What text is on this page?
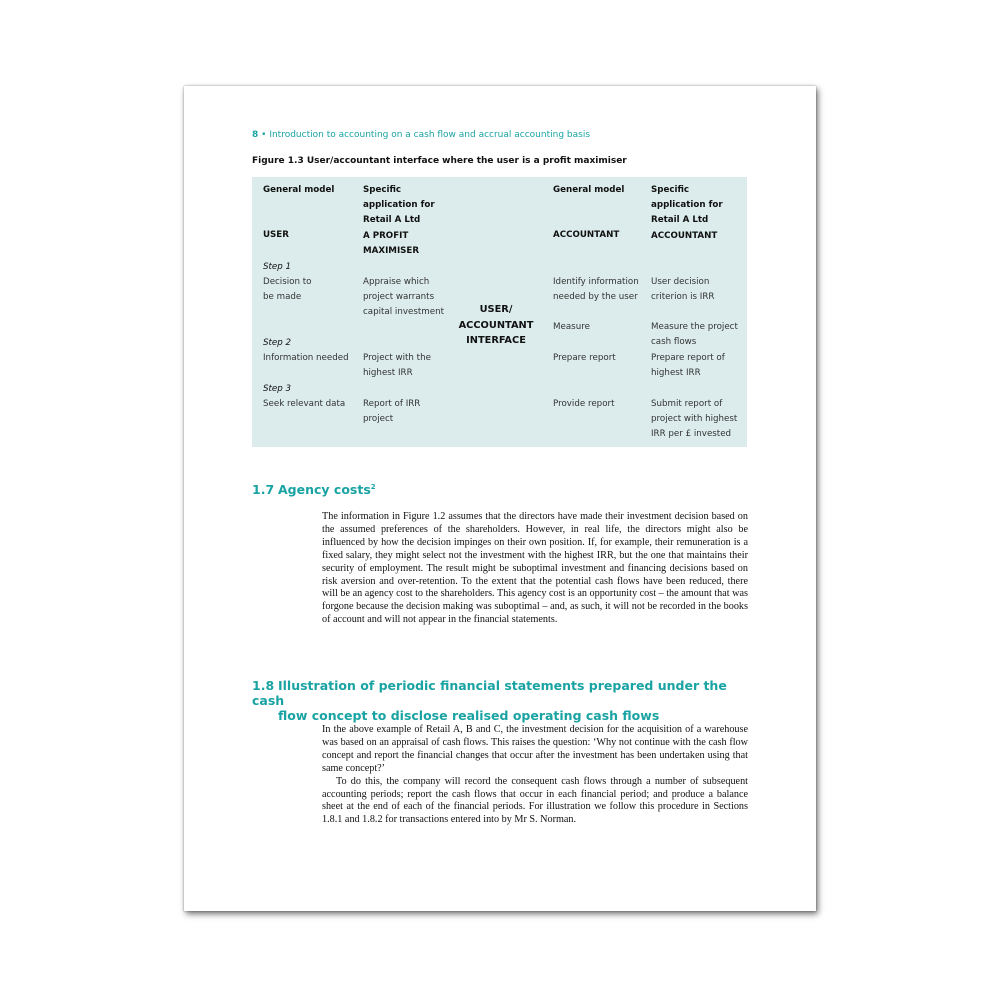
8 • Introduction to accounting on a cash flow and accrual accounting basis
Figure 1.3 User/accountant interface where the user is a profit maximiser
General model
USER
Specific
application for
Retail A Ltd
A PROFIT
MAXIMISER
General model
ACCOUNTANT
Specific
application for
Retail A Ltd
ACCOUNTANT
Step 1
Decision to
be made
Step 2
Information needed
Step 3
Seek relevant data
Appraise which
project warrants
capital investment
Project with the
highest IRR
Report of IRR
project
USER/
ACCOUNTANT
INTERFACE
Identify information
needed by the user
Measure
Prepare report
Provide report
User decision
criterion is IRR
Measure the project
cash flows
Prepare report of
highest IRR
Submit report of
project with highest
IRR per £ invested
1.7 Agency costs$^2$

The information in Figure 1.2 assumes that the directors have made their investment decision based on the assumed preferences of the shareholders. However, in real life, the directors might also be influenced by how the decision impinges on their own position. If, for example, their remuneration is a fixed salary, they might select not the investment with the highest IRR, but the one that maintains their security of employment. The result might be suboptimal investment and financing decisions based on risk aversion and over-retention. To the extent that the potential cash flows have been reduced, there will be an agency cost to the shareholders. This agency cost is an opportunity cost – the amount that was forgone because the decision making was suboptimal – and, as such, it will not be recorded in the books of account and will not appear in the financial statements.

1.8 Illustration of periodic financial statements prepared under the cash
flow concept to disclose realised operating cash flows

In the above example of Retail A, B and C, the investment decision for the acquisition of a warehouse was based on an appraisal of cash flows. This raises the question: ‘Why not continue with the cash flow concept and report the financial changes that occur after the investment has been undertaken using that same concept?’

To do this, the company will record the consequent cash flows through a number of subsequent accounting periods; report the cash flows that occur in each financial period; and produce a balance sheet at the end of each of the financial periods. For illustration we follow this procedure in Sections 1.8.1 and 1.8.2 for transactions entered into by Mr S. Norman.
